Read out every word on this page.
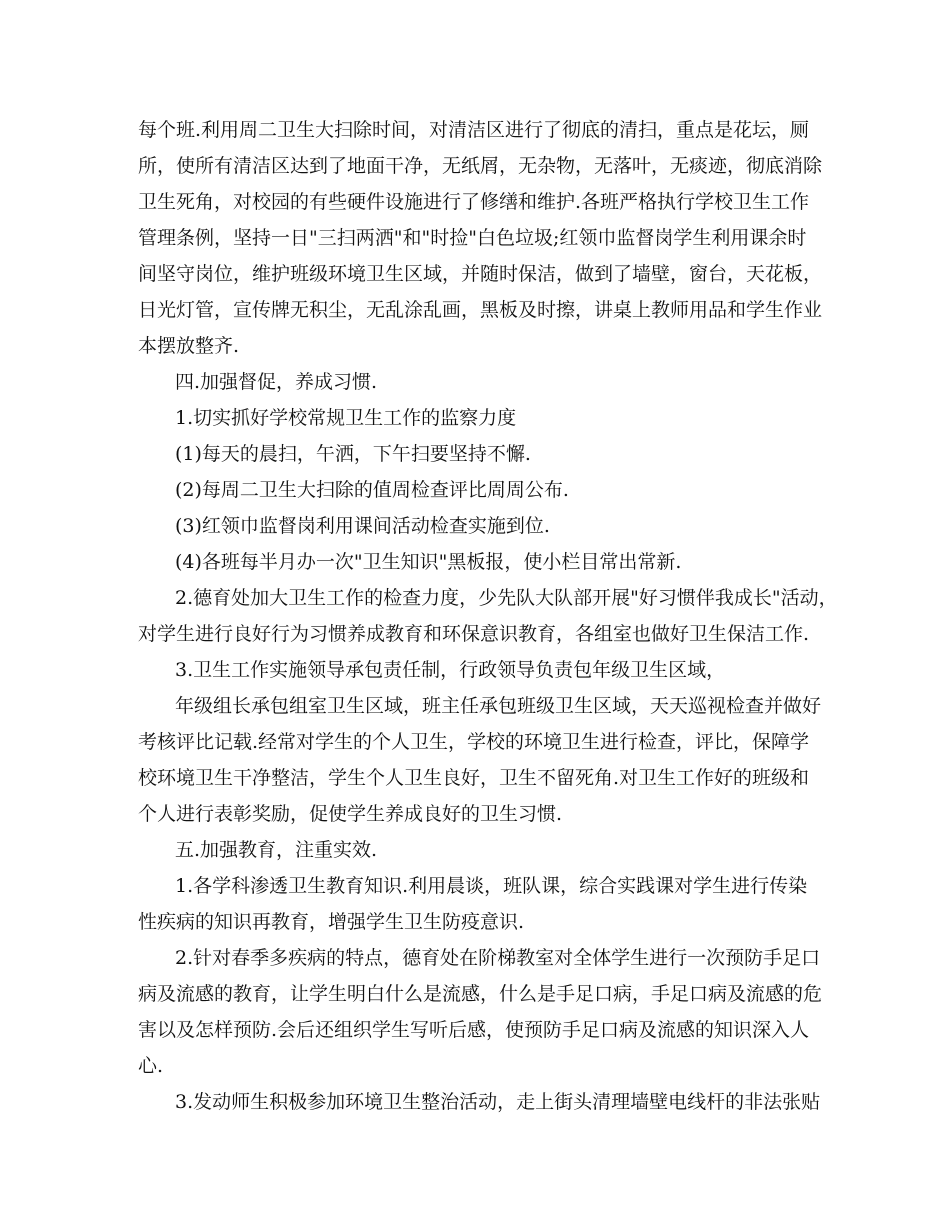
每个班.利用周二卫生大扫除时间，对清洁区进行了彻底的清扫，重点是花坛，厕
所，使所有清洁区达到了地面干净，无纸屑，无杂物，无落叶，无痰迹，彻底消除
卫生死角，对校园的有些硬件设施进行了修缮和维护.各班严格执行学校卫生工作
管理条例，坚持一日"三扫两洒"和"时捡"白色垃圾;红领巾监督岗学生利用课余时
间坚守岗位，维护班级环境卫生区域，并随时保洁，做到了墙壁，窗台，天花板，
日光灯管，宣传牌无积尘，无乱涂乱画，黑板及时擦，讲桌上教师用品和学生作业
本摆放整齐.
四.加强督促，养成习惯.
1.切实抓好学校常规卫生工作的监察力度
(1)每天的晨扫，午洒，下午扫要坚持不懈.
(2)每周二卫生大扫除的值周检查评比周周公布.
(3)红领巾监督岗利用课间活动检查实施到位.
(4)各班每半月办一次"卫生知识"黑板报，使小栏目常出常新.
2.德育处加大卫生工作的检查力度，少先队大队部开展"好习惯伴我成长"活动，
对学生进行良好行为习惯养成教育和环保意识教育，各组室也做好卫生保洁工作.
3.卫生工作实施领导承包责任制，行政领导负责包年级卫生区域，
年级组长承包组室卫生区域，班主任承包班级卫生区域，天天巡视检查并做好
考核评比记载.经常对学生的个人卫生，学校的环境卫生进行检查，评比，保障学
校环境卫生干净整洁，学生个人卫生良好，卫生不留死角.对卫生工作好的班级和
个人进行表彰奖励，促使学生养成良好的卫生习惯.
五.加强教育，注重实效.
1.各学科渗透卫生教育知识.利用晨谈，班队课，综合实践课对学生进行传染
性疾病的知识再教育，增强学生卫生防疫意识.
2.针对春季多疾病的特点，德育处在阶梯教室对全体学生进行一次预防手足口
病及流感的教育，让学生明白什么是流感，什么是手足口病，手足口病及流感的危
害以及怎样预防.会后还组织学生写听后感，使预防手足口病及流感的知识深入人
心.
3.发动师生积极参加环境卫生整治活动，走上街头清理墙壁电线杆的非法张贴
